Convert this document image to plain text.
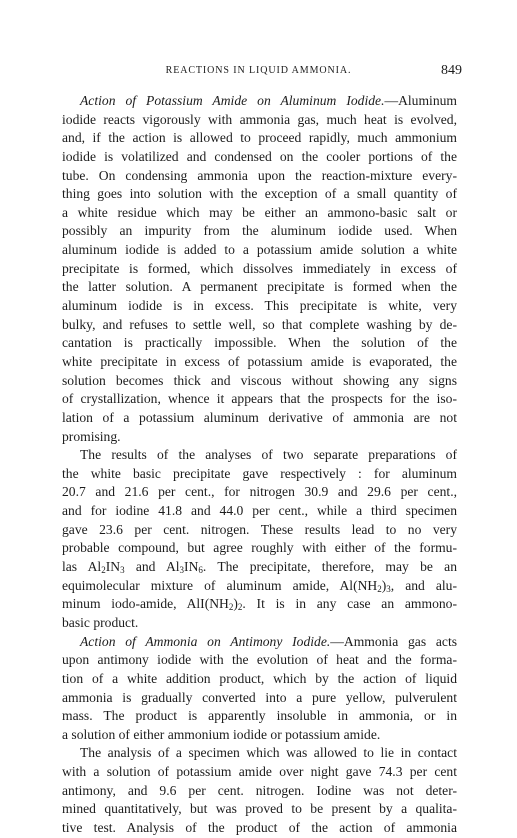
REACTIONS IN LIQUID AMMONIA.	849
Action of Potassium Amide on Aluminum Iodide.—Aluminum
iodide reacts vigorously with ammonia gas, much heat is evolved,
and, if the action is allowed to proceed rapidly, much ammonium
iodide is volatilized and condensed on the cooler portions of the
tube. On condensing ammonia upon the reaction-mixture every-
thing goes into solution with the exception of a small quantity of
a white residue which may be either an ammono-basic salt or
possibly an impurity from the aluminum iodide used. When
aluminum iodide is added to a potassium amide solution a white
precipitate is formed, which dissolves immediately in excess of
the latter solution. A permanent precipitate is formed when the
aluminum iodide is in excess. This precipitate is white, very
bulky, and refuses to settle well, so that complete washing by de-
cantation is practically impossible. When the solution of the
white precipitate in excess of potassium amide is evaporated, the
solution becomes thick and viscous without showing any signs
of crystallization, whence it appears that the prospects for the iso-
lation of a potassium aluminum derivative of ammonia are not
promising.
The results of the analyses of two separate preparations of
the white basic precipitate gave respectively : for aluminum
20.7 and 21.6 per cent., for nitrogen 30.9 and 29.6 per cent.,
and for iodine 41.8 and 44.0 per cent., while a third specimen
gave 23.6 per cent. nitrogen. These results lead to no very
probable compound, but agree roughly with either of the formu-
las $Al_2IN_3$ and $Al_3IN_6$. The precipitate, therefore, may be an
equimolecular mixture of aluminum amide, $Al(NH_2)_3$, and alu-
minum iodo-amide, $AlI(NH_2)_2$. It is in any case an ammono-
basic product.
Action of Ammonia on Antimony Iodide.—Ammonia gas acts
upon antimony iodide with the evolution of heat and the forma-
tion of a white addition product, which by the action of liquid
ammonia is gradually converted into a pure yellow, pulverulent
mass. The product is apparently insoluble in ammonia, or in
a solution of either ammonium iodide or potassium amide.
The analysis of a specimen which was allowed to lie in contact
with a solution of potassium amide over night gave 74.3 per cent
antimony, and 9.6 per cent. nitrogen. Iodine was not deter-
mined quantitatively, but was proved to be present by a qualita-
tive test. Analysis of the product of the action of ammonia
